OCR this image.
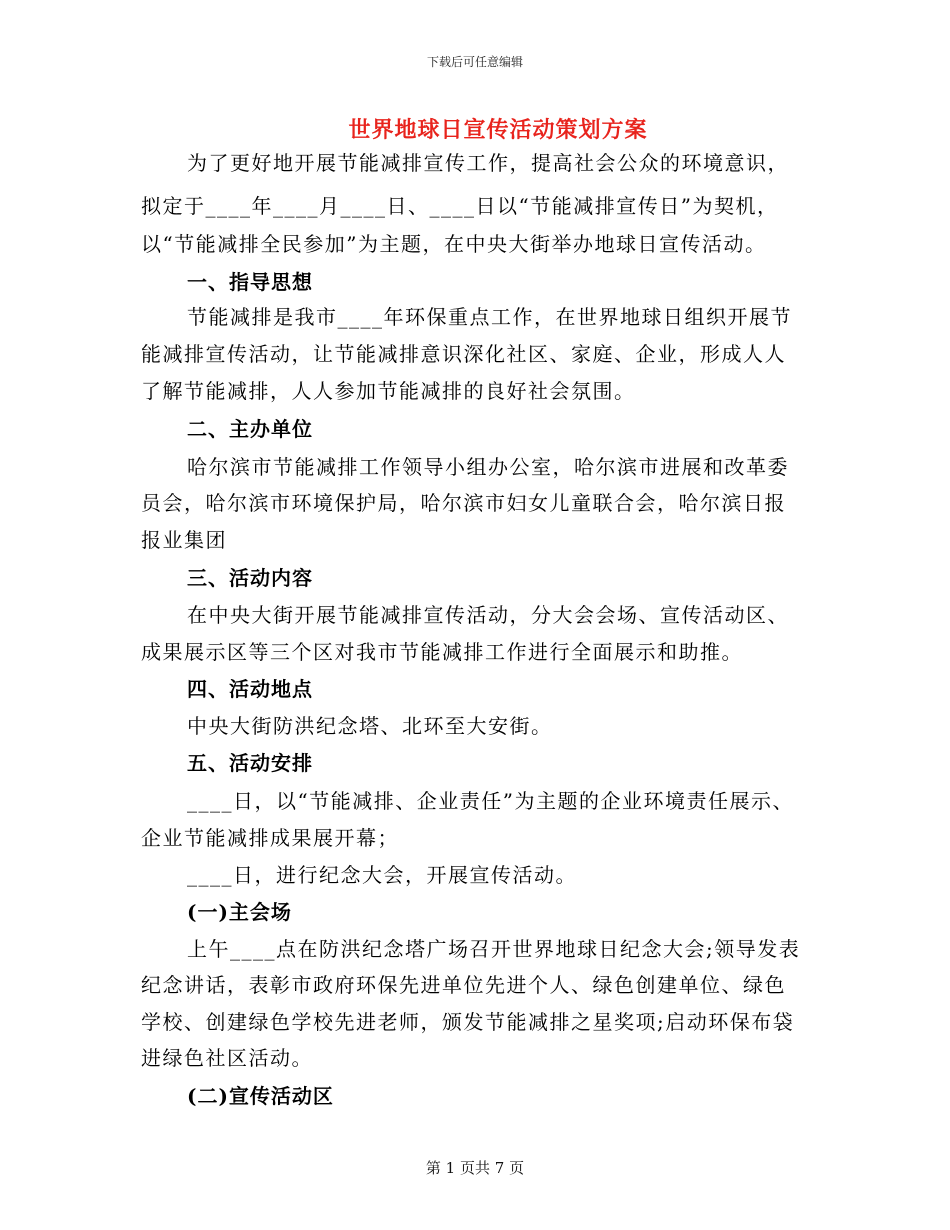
下载后可任意编辑
世界地球日宣传活动策划方案
为了更好地开展节能减排宣传工作，提高社会公众的环境意识，
拟定于____年____月____日、____日以“节能减排宣传日”为契机，
以“节能减排全民参加”为主题，在中央大街举办地球日宣传活动。
一、指导思想
节能减排是我市____年环保重点工作，在世界地球日组织开展节
能减排宣传活动，让节能减排意识深化社区、家庭、企业，形成人人
了解节能减排，人人参加节能减排的良好社会氛围。
二、主办单位
哈尔滨市节能减排工作领导小组办公室，哈尔滨市进展和改革委
员会，哈尔滨市环境保护局，哈尔滨市妇女儿童联合会，哈尔滨日报
报业集团
三、活动内容
在中央大街开展节能减排宣传活动，分大会会场、宣传活动区、
成果展示区等三个区对我市节能减排工作进行全面展示和助推。
四、活动地点
中央大街防洪纪念塔、北环至大安街。
五、活动安排
____日，以“节能减排、企业责任”为主题的企业环境责任展示、
企业节能减排成果展开幕；
____日，进行纪念大会，开展宣传活动。
(一)主会场
上午____点在防洪纪念塔广场召开世界地球日纪念大会;领导发表
纪念讲话，表彰市政府环保先进单位先进个人、绿色创建单位、绿色
学校、创建绿色学校先进老师，颁发节能减排之星奖项;启动环保布袋
进绿色社区活动。
(二)宣传活动区
第 1 页共 7 页
